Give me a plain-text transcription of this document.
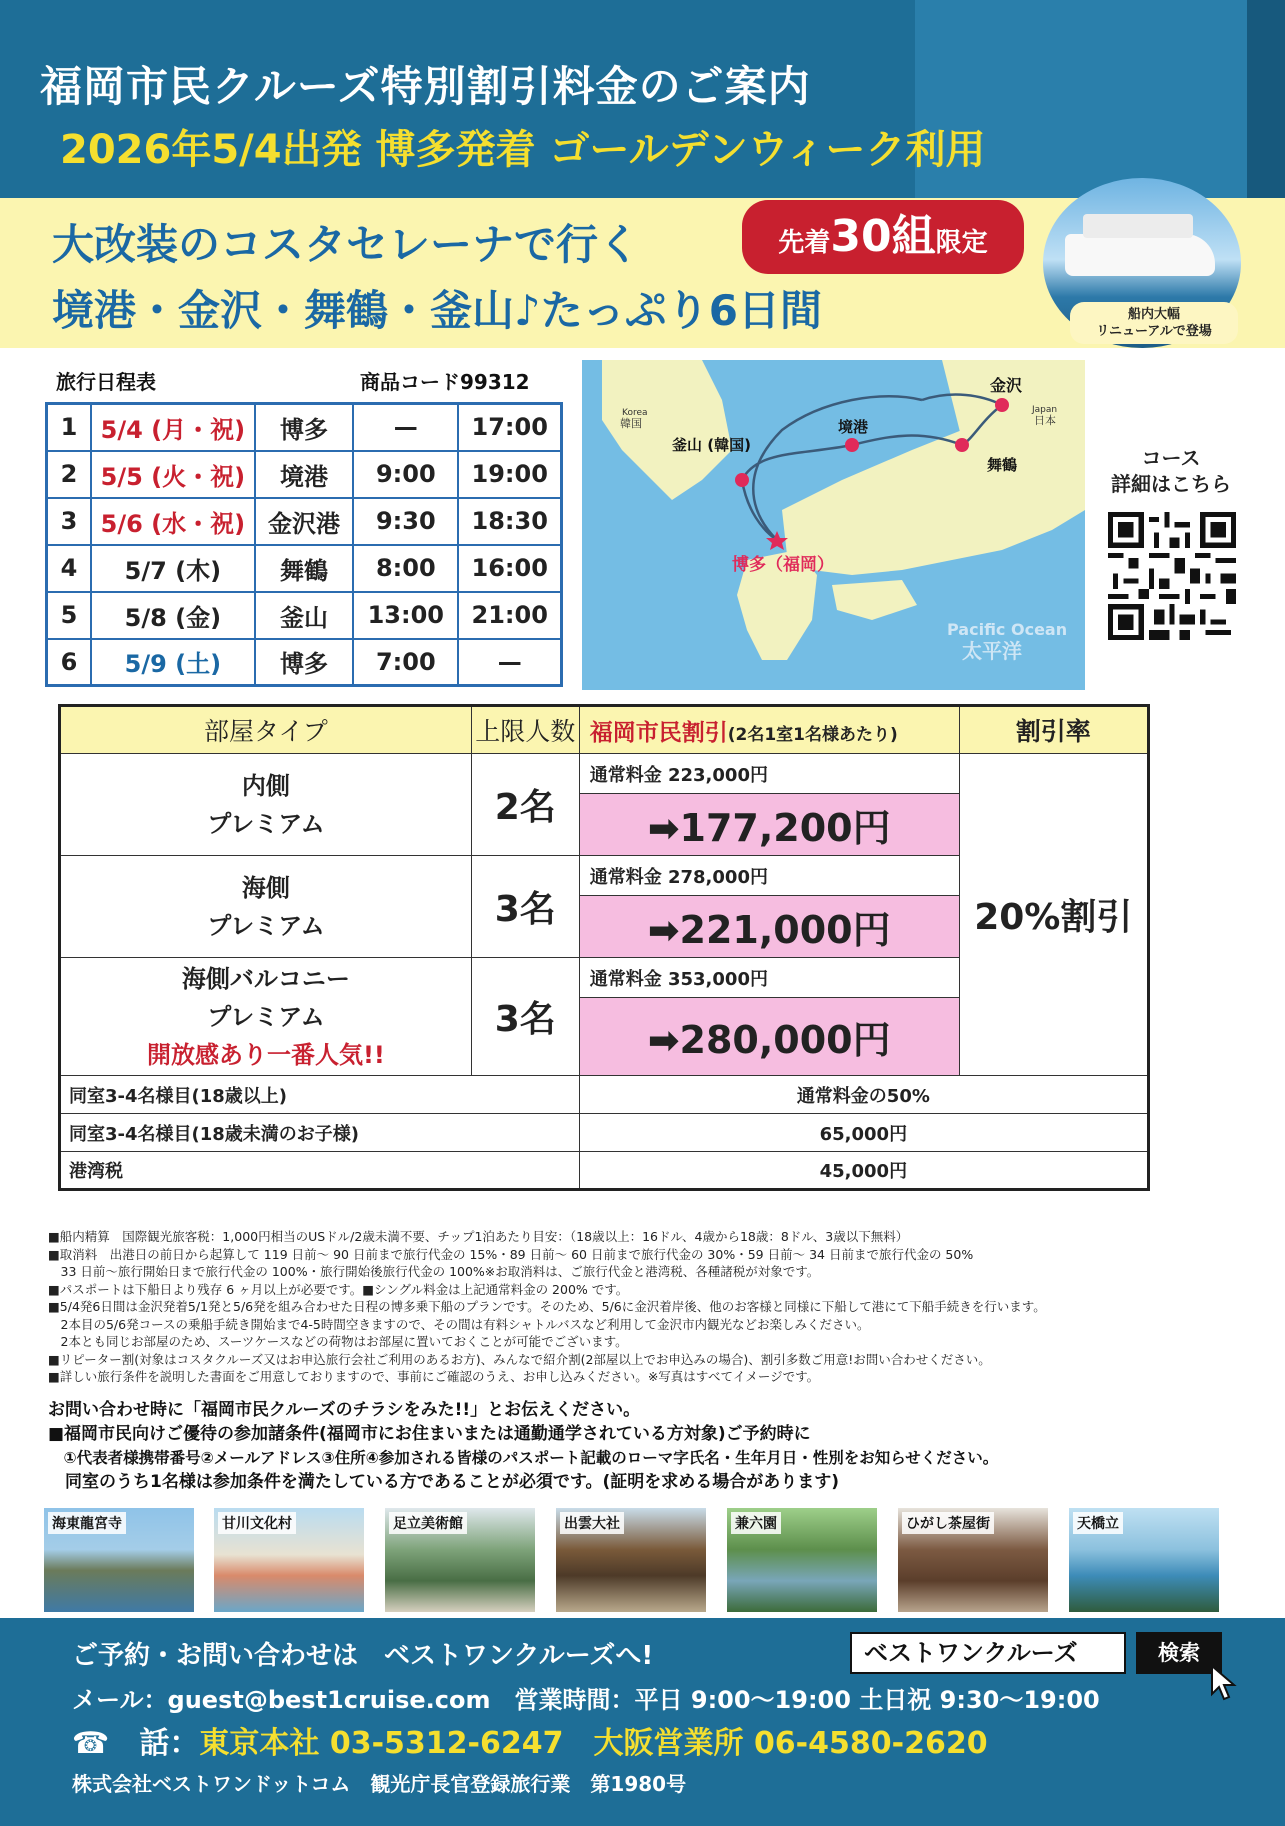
福岡市民クルーズ特別割引料金のご案内
2026年5/4出発 博多発着 ゴールデンウィーク利用
大改装のコスタセレーナで行く
境港・金沢・舞鶴・釜山♪たっぷり6日間
先着30組限定
船内大幅
リニューアルで登場
旅行日程表	商品コード99312
1	5/4 (月・祝)	博多	—	17:00
2	5/5 (火・祝)	境港	9:00	19:00
3	5/6 (水・祝)	金沢港	9:30	18:30
4	5/7 (木)	舞鶴	8:00	16:00
5	5/8 (金)	釜山	13:00	21:00
6	5/9 (土)	博多	7:00	—
金沢
釜山 (韓国)
境港
舞鶴
博多（福岡）
Korea
韓国
Japan
日本
Pacific Ocean
太平洋
コース
詳細はこちら
部屋タイプ	上限人数	福岡市民割引(2名1室1名様あたり)	割引率

内側
プレミアム	2名	通常料金 223,000円	20%割引
		➡177,200円	

海側
プレミアム	3名	通常料金 278,000円	
		➡221,000円	

海側バルコニー
プレミアム
開放感あり一番人気!!	3名	通常料金 353,000円	
		➡280,000円	
同室3-4名様目(18歳以上)		通常料金の50%	
同室3-4名様目(18歳未満のお子様)		65,000円	
港湾税		45,000円	
■船内精算　国際観光旅客税：1,000円相当のUSドル/2歳未満不要、チップ1泊あたり目安：（18歳以上：16ドル、4歳から18歳：8ドル、3歳以下無料）
■取消料　出港日の前日から起算して 119 日前～ 90 日前まで旅行代金の 15%・89 日前～ 60 日前まで旅行代金の 30%・59 日前～ 34 日前まで旅行代金の 50%
　33 日前～旅行開始日まで旅行代金の 100%・旅行開始後旅行代金の 100%※お取消料は、ご旅行代金と港湾税、各種諸税が対象です。
■パスポートは下船日より残存 6 ヶ月以上が必要です。■シングル料金は上記通常料金の 200% です。
■5/4発6日間は金沢発着5/1発と5/6発を組み合わせた日程の博多乗下船のプランです。そのため、5/6に金沢着岸後、他のお客様と同様に下船して港にて下船手続きを行います。
　2本目の5/6発コースの乗船手続き開始まで4-5時間空きますので、その間は有料シャトルバスなど利用して金沢市内観光などお楽しみください。
　2本とも同じお部屋のため、スーツケースなどの荷物はお部屋に置いておくことが可能でございます。
■リピーター割(対象はコスタクルーズ又はお申込旅行会社ご利用のあるお方)、みんなで紹介割(2部屋以上でお申込みの場合)、割引多数ご用意!お問い合わせください。
■詳しい旅行条件を説明した書面をご用意しておりますので、事前にご確認のうえ、お申し込みください。※写真はすべてイメージです。
お問い合わせ時に「福岡市民クルーズのチラシをみた!!」とお伝えください。
■福岡市民向けご優待の参加諸条件(福岡市にお住まいまたは通勤通学されている方対象)ご予約時に
　①代表者様携帯番号②メールアドレス③住所④参加される皆様のパスポート記載のローマ字氏名・生年月日・性別をお知らせください。
　同室のうち1名様は参加条件を満たしている方であることが必須です。(証明を求める場合があります)
海東龍宮寺	甘川文化村	足立美術館	出雲大社	兼六園	ひがし茶屋街	天橋立
ご予約・お問い合わせは　ベストワンクルーズへ!	ベストワンクルーズ	検索
メール：guest@best1cruise.com　営業時間：平日 9:00～19:00 土日祝 9:30～19:00
☎　話：東京本社 03-5312-6247　 大阪営業所 06-4580-2620
株式会社ベストワンドットコム　観光庁長官登録旅行業　第1980号
